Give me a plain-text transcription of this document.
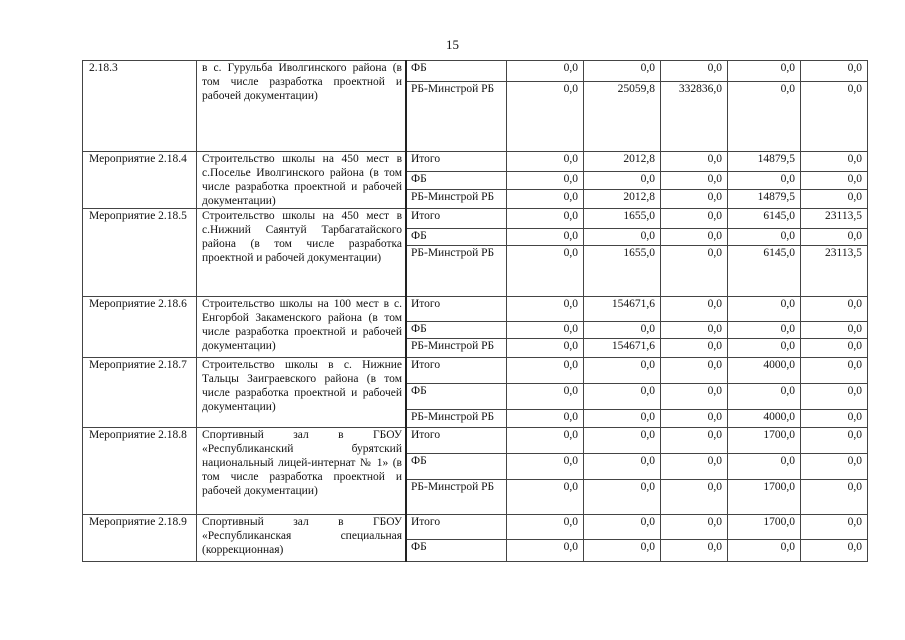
15
2.18.3	в с. Гурульба Иволгинского района (в том числе разработка проектной и рабочей документации)	ФБ	0,0	0,0	0,0	0,0	0,0
		РБ-Минстрой РБ	0,0	25059,8	332836,0	0,0	0,0
Мероприятие 2.18.4	Строительство школы на 450 мест в с.Поселье Иволгинского района (в том числе разработка проектной и рабочей документации)	Итого	0,0	2012,8	0,0	14879,5	0,0
		ФБ	0,0	0,0	0,0	0,0	0,0
		РБ-Минстрой РБ	0,0	2012,8	0,0	14879,5	0,0
Мероприятие 2.18.5	Строительство школы на 450 мест в с.Нижний Саянтуй Тарбагатайского района (в том числе разработка проектной и рабочей документации)	Итого	0,0	1655,0	0,0	6145,0	23113,5
		ФБ	0,0	0,0	0,0	0,0	0,0
		РБ-Минстрой РБ	0,0	1655,0	0,0	6145,0	23113,5
Мероприятие 2.18.6	Строительство школы на 100 мест в с. Енгорбой Закаменского района (в том числе разработка проектной и рабочей документации)	Итого	0,0	154671,6	0,0	0,0	0,0
		ФБ	0,0	0,0	0,0	0,0	0,0
		РБ-Минстрой РБ	0,0	154671,6	0,0	0,0	0,0
Мероприятие 2.18.7	Строительство школы в с. Нижние Тальцы Заиграевского района (в том числе разработка проектной и рабочей документации)	Итого	0,0	0,0	0,0	4000,0	0,0
		ФБ	0,0	0,0	0,0	0,0	0,0
		РБ-Минстрой РБ	0,0	0,0	0,0	4000,0	0,0
Мероприятие 2.18.8	Спортивный зал в ГБОУ «Республиканский бурятский национальный лицей-интернат № 1» (в том числе разработка проектной и рабочей документации)	Итого	0,0	0,0	0,0	1700,0	0,0
		ФБ	0,0	0,0	0,0	0,0	0,0
		РБ-Минстрой РБ	0,0	0,0	0,0	1700,0	0,0
Мероприятие 2.18.9	Спортивный зал в ГБОУ «Республиканская специальная (коррекционная)	Итого	0,0	0,0	0,0	1700,0	0,0
		ФБ	0,0	0,0	0,0	0,0	0,0
